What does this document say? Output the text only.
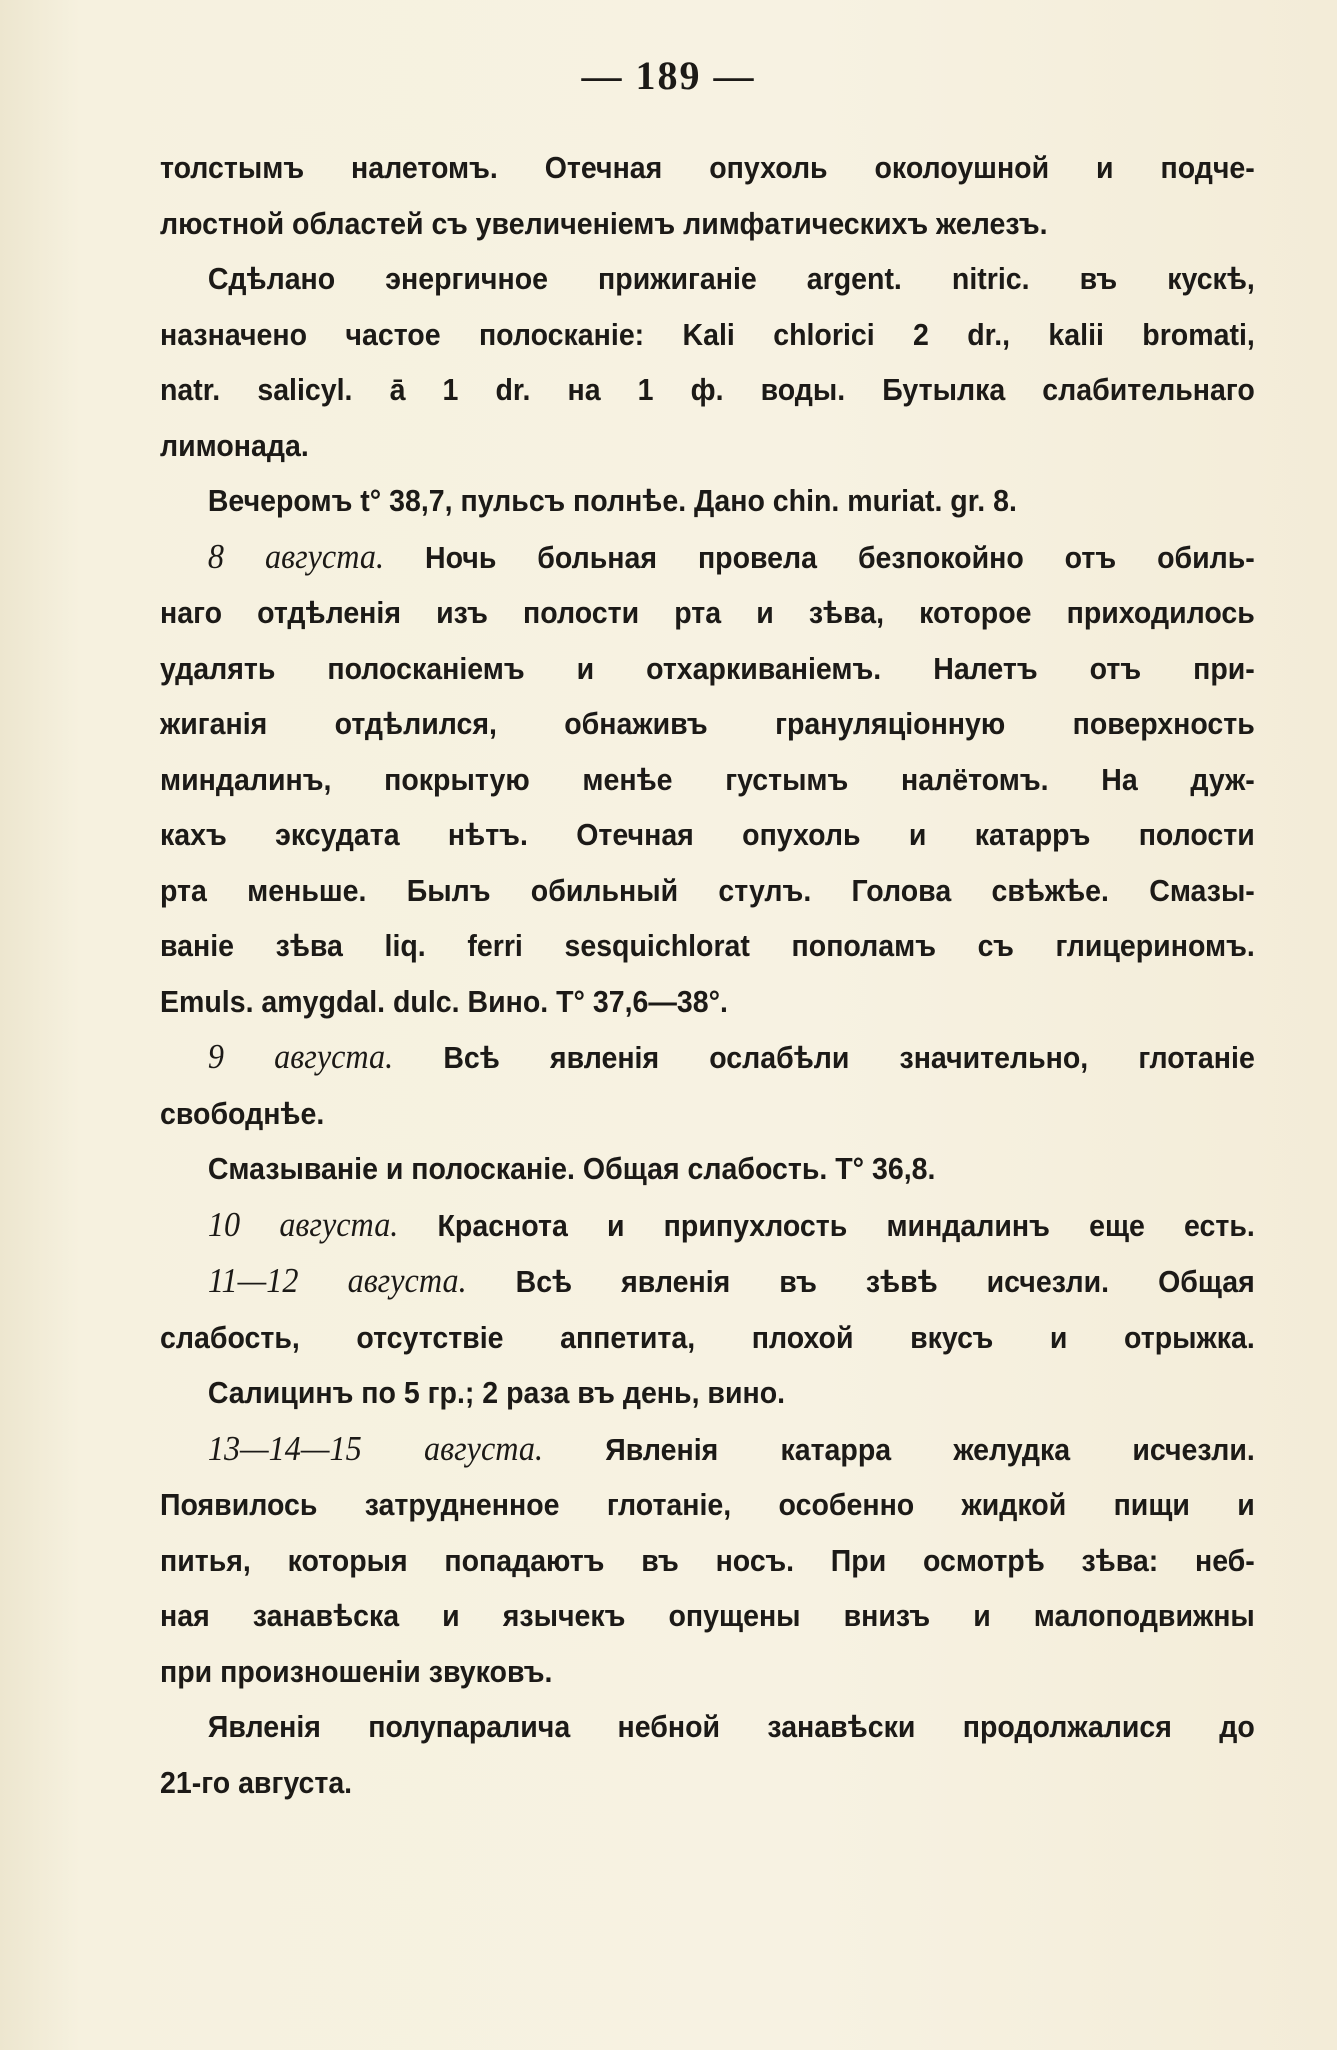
— 189 —
толстымъ налетомъ. Отечная опухоль околоушной и подче-
люстной областей съ увеличенiемъ лимфатическихъ железъ.
Сдѣлано энергичное прижиганiе argent. nitric. въ кускѣ,
назначено частое полосканiе: Kali chlorici 2 dr., kalii bromati,
natr. salicyl. ā 1 dr. на 1 ф. воды. Бутылка слабительнаго
лимонада.
Вечеромъ t° 38,7, пульсъ полнѣе. Дано chin. muriat. gr. 8.
8 августа. Ночь больная провела безпокойно отъ обиль-
наго отдѣленiя изъ полости рта и зѣва, которое приходилось
удалять полосканiемъ и отхаркиванiемъ. Налетъ отъ при-
жиганiя отдѣлился, обнаживъ грануляцiонную поверхность
миндалинъ, покрытую менѣе густымъ налётомъ. На дуж-
кахъ эксудата нѣтъ. Отечная опухоль и катарръ полости
рта меньше. Былъ обильный стулъ. Голова свѣжѣе. Смазы-
ванiе зѣва liq. ferri sesquichlorat пополамъ съ глицериномъ.
Emuls. amygdal. dulc. Вино. T° 37,6—38°.
9 августа. Всѣ явленiя ослабѣли значительно, глотанiе
свободнѣе.
Смазыванiе и полосканiе. Общая слабость. T° 36,8.
10 августа. Краснота и припухлость миндалинъ еще есть.
11—12 августа. Всѣ явленiя въ зѣвѣ исчезли. Общая
слабость, отсутствiе аппетита, плохой вкусъ и отрыжка.
Салицинъ по 5 гр.; 2 раза въ день, вино.
13—14—15 августа. Явленiя катарра желудка исчезли.
Появилось затрудненное глотанiе, особенно жидкой пищи и
питья, которыя попадаютъ въ носъ. При осмотрѣ зѣва: неб-
ная занавѣска и язычекъ опущены внизъ и малоподвижны
при произношенiи звуковъ.
Явленiя полупаралича небной занавѣски продолжалися до
21-го августа.
